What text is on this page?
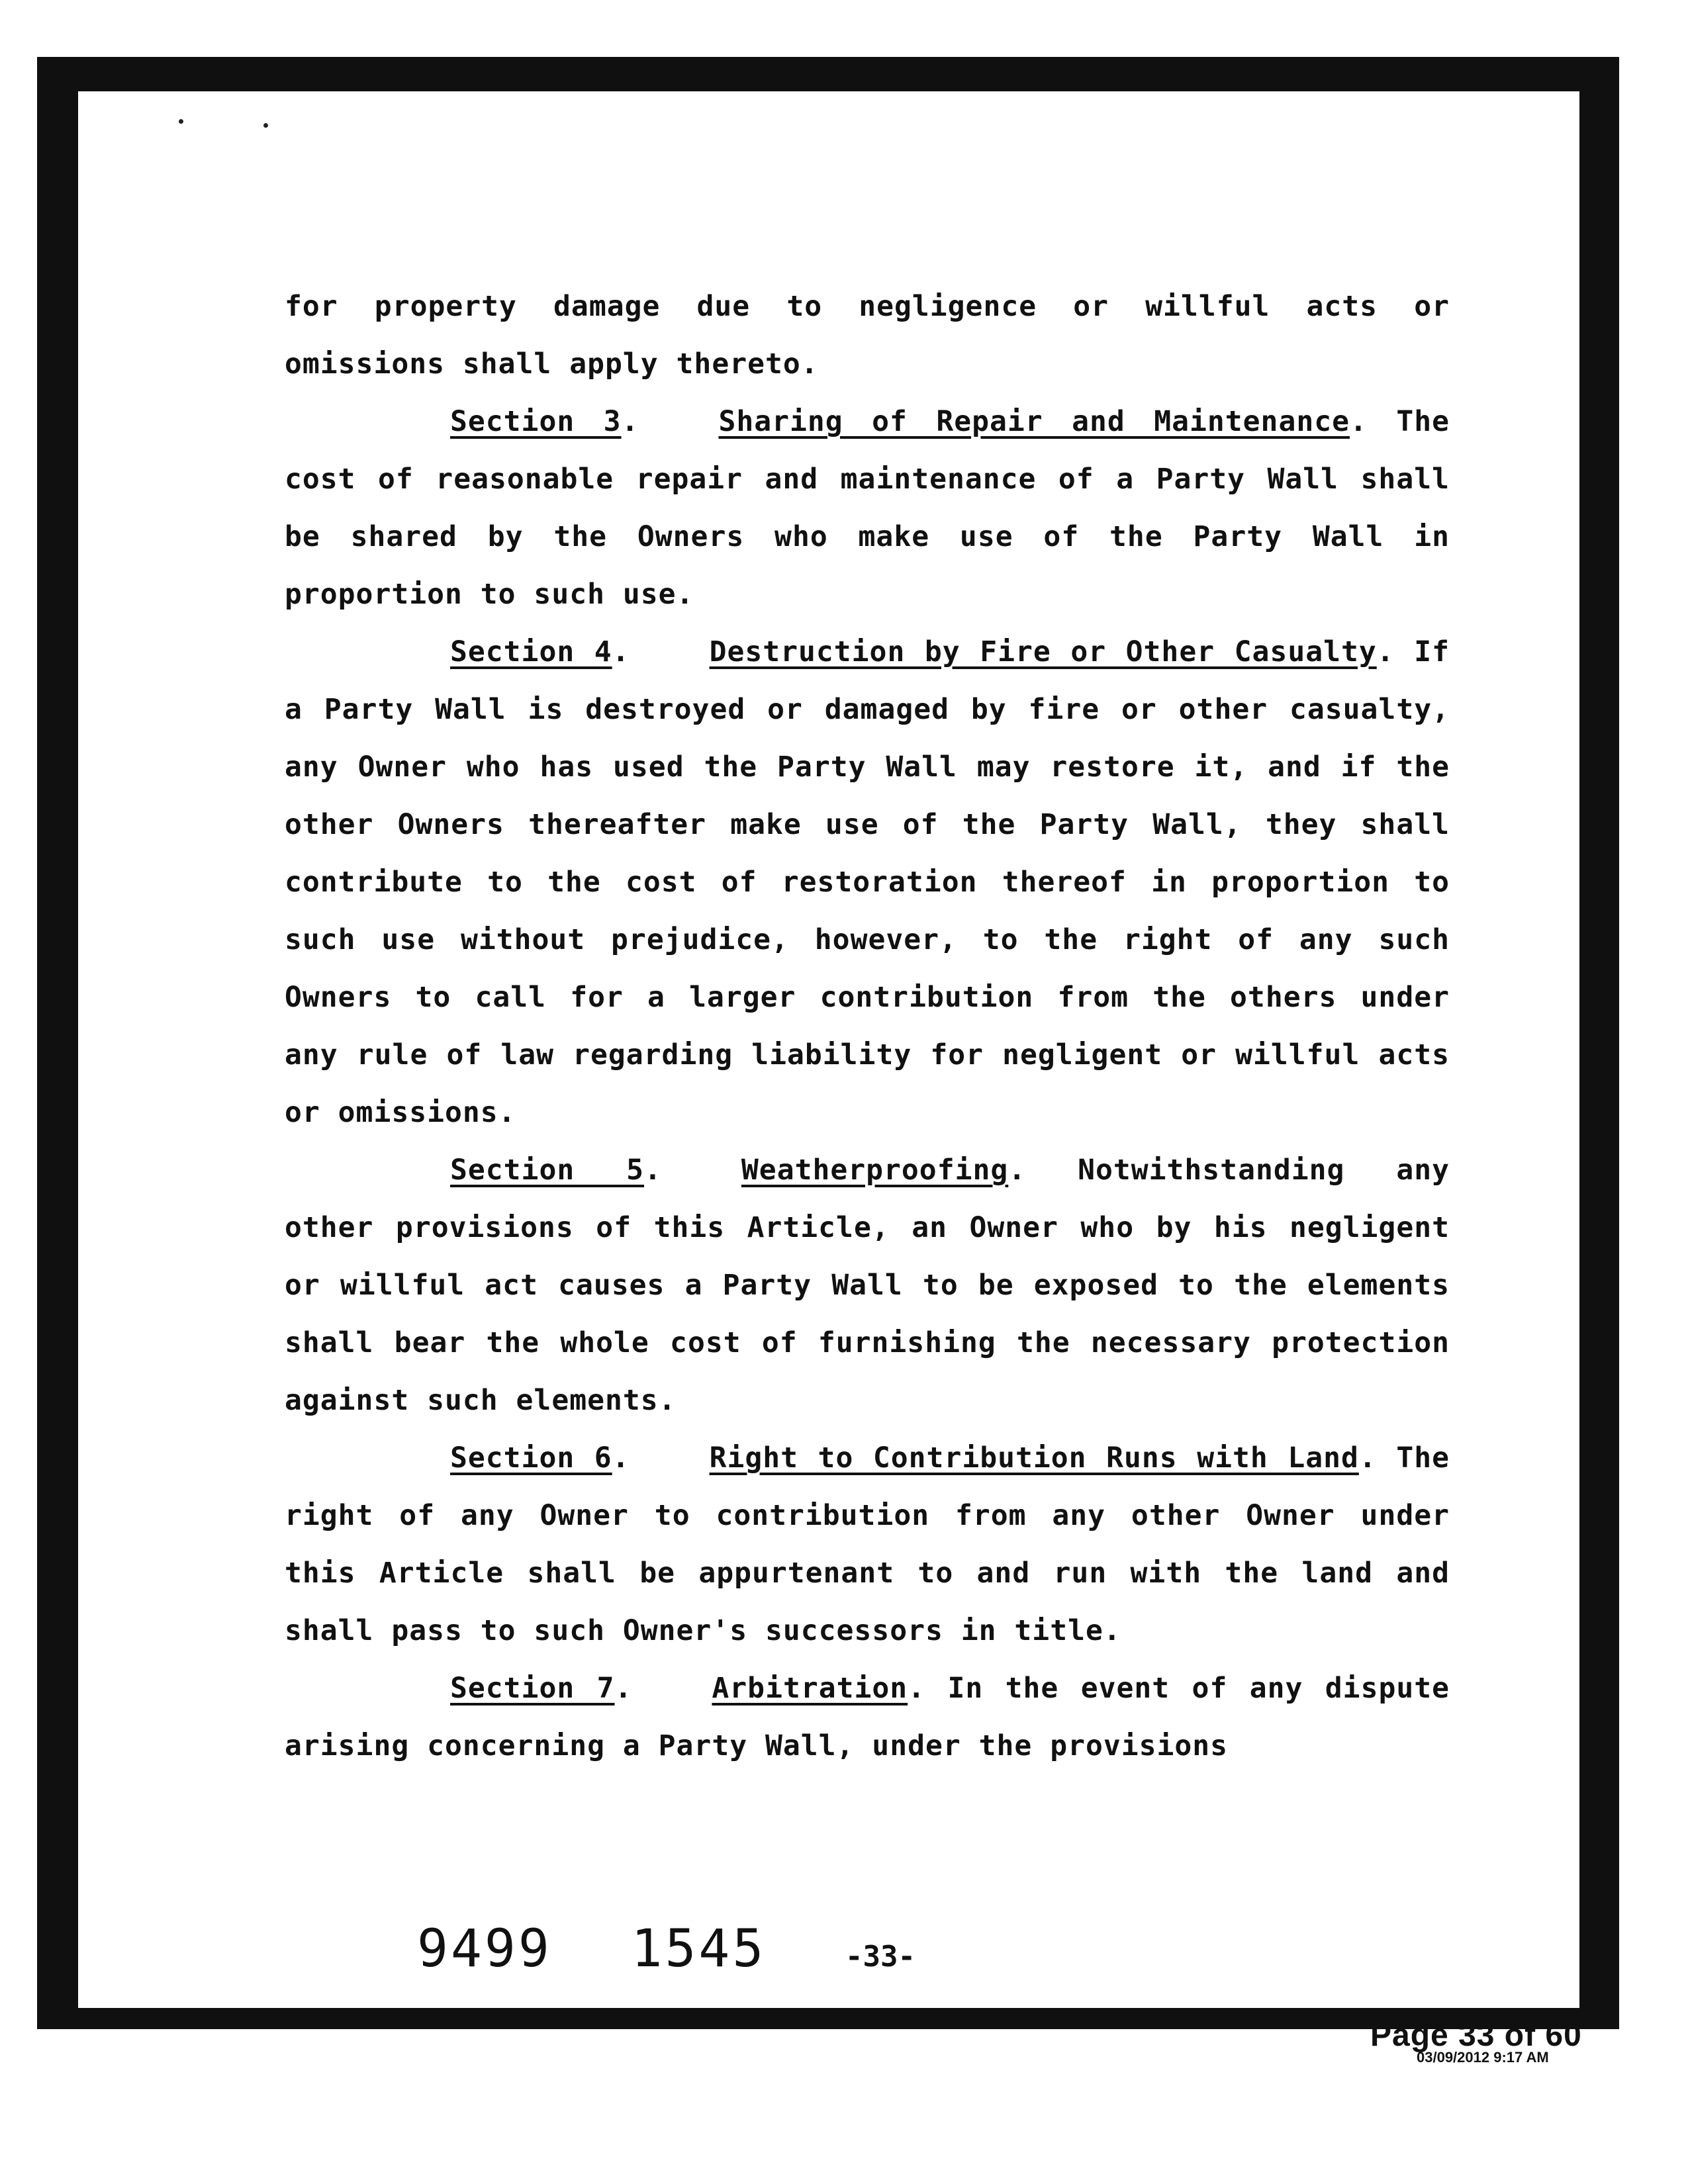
for property damage due to negligence or willful acts or omissions shall apply thereto.

Section 3.	Sharing of Repair and Maintenance. The cost of reasonable repair and maintenance of a Party Wall shall be shared by the Owners who make use of the Party Wall in proportion to such use.

Section 4.	Destruction by Fire or Other Casualty. If a Party Wall is destroyed or damaged by fire or other casualty, any Owner who has used the Party Wall may restore it, and if the other Owners thereafter make use of the Party Wall, they shall contribute to the cost of restoration thereof in proportion to such use without prejudice, however, to the right of any such Owners to call for a larger contribution from the others under any rule of law regarding liability for negligent or willful acts or omissions.

Section 5.	Weatherproofing. Notwithstanding any other provisions of this Article, an Owner who by his negligent or willful act causes a Party Wall to be exposed to the elements shall bear the whole cost of furnishing the necessary protection against such elements.

Section 6.	Right to Contribution Runs with Land. The right of any Owner to contribution from any other Owner under this Article shall be appurtenant to and run with the land and shall pass to such Owner's successors in title.

Section 7.	Arbitration. In the event of any dispute arising concerning a Party Wall, under the provisions

9499 1545	-33-
Page 33 of 60
03/09/2012 9:17 AM
